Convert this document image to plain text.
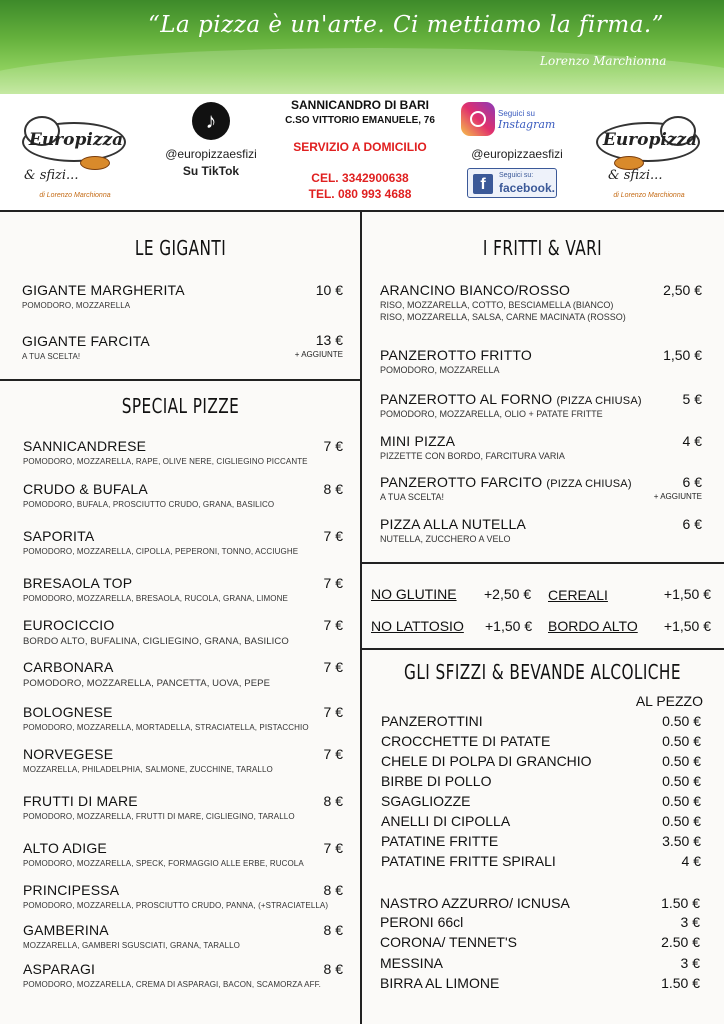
“La pizza è un'arte. Ci mettiamo la firma.”
Lorenzo Marchionna
Europizza
& sfizi...
di Lorenzo Marchionna
♪
@europizzaesfizi
Su TikTok
SANNICANDRO DI BARI
C.SO VITTORIO EMANUELE, 76
SERVIZIO A DOMICILIO
CEL. 3342900638
TEL. 080 993 4688
Seguici su
Instagram
@europizzaesfizi
f
Seguici su:
facebook.
Europizza
& sfizi...
di Lorenzo Marchionna
LE GIGANTI
GIGANTE MARGHERITA
POMODORO, MOZZARELLA
10 €
GIGANTE FARCITA
A TUA SCELTA!
13 €
+ AGGIUNTE
SPECIAL PIZZE
SANNICANDRESE
POMODORO, MOZZARELLA, RAPE, OLIVE NERE, CIGLIEGINO PICCANTE
7 €
CRUDO & BUFALA
POMODORO, BUFALA, PROSCIUTTO CRUDO, GRANA, BASILICO
8 €
SAPORITA
POMODORO, MOZZARELLA, CIPOLLA, PEPERONI, TONNO, ACCIUGHE
7 €
BRESAOLA TOP
POMODORO, MOZZARELLA, BRESAOLA, RUCOLA, GRANA, LIMONE
7 €
EUROCICCIO
BORDO ALTO, BUFALINA, CIGLIEGINO, GRANA, BASILICO
7 €
CARBONARA
POMODORO, MOZZARELLA, PANCETTA, UOVA, PEPE
7 €
BOLOGNESE
POMODORO, MOZZARELLA, MORTADELLA, STRACIATELLA, PISTACCHIO
7 €
NORVEGESE
MOZZARELLA, PHILADELPHIA, SALMONE, ZUCCHINE, TARALLO
7 €
FRUTTI DI MARE
POMODORO, MOZZARELLA, FRUTTI DI MARE, CIGLIEGINO, TARALLO
8 €
ALTO ADIGE
POMODORO, MOZZARELLA, SPECK, FORMAGGIO ALLE ERBE, RUCOLA
7 €
PRINCIPESSA
POMODORO, MOZZARELLA, PROSCIUTTO CRUDO, PANNA, (+STRACIATELLA)
8 €
GAMBERINA
MOZZARELLA, GAMBERI SGUSCIATI, GRANA, TARALLO
8 €
ASPARAGI
POMODORO, MOZZARELLA, CREMA DI ASPARAGI, BACON, SCAMORZA AFF.
8 €
I FRITTI & VARI
ARANCINO BIANCO/ROSSO
RISO, MOZZARELLA, COTTO, BESCIAMELLA (BIANCO)
RISO, MOZZARELLA, SALSA, CARNE MACINATA (ROSSO)
2,50 €
PANZEROTTO FRITTO
POMODORO, MOZZARELLA
1,50 €
PANZEROTTO AL FORNO (PIZZA CHIUSA)
POMODORO, MOZZARELLA, OLIO + PATATE FRITTE
5 €
MINI PIZZA
PIZZETTE CON BORDO, FARCITURA VARIA
4 €
PANZEROTTO FARCITO (PIZZA CHIUSA)
A TUA SCELTA!
6 €
+ AGGIUNTE
PIZZA ALLA NUTELLA
NUTELLA, ZUCCHERO A VELO
6 €
NO GLUTINE +2,50 € CEREALI	+1,50 €
NO LATTOSIO +1,50 € BORDO ALTO +1,50 €
GLI SFIZZI & BEVANDE ALCOLICHE
AL PEZZO
PANZEROTTINI	0.50 €
CROCCHETTE DI PATATE	0.50 €
CHELE DI POLPA DI GRANCHIO	0.50 €
BIRBE DI POLLO	0.50 €
SGAGLIOZZE	0.50 €
ANELLI DI CIPOLLA	0.50 €
PATATINE FRITTE	3.50 €
PATATINE FRITTE SPIRALI	4 €
NASTRO AZZURRO/ ICNUSA	1.50 €
PERONI 66cl	3 €
CORONA/ TENNET'S	2.50 €
MESSINA	3 €
BIRRA AL LIMONE	1.50 €
